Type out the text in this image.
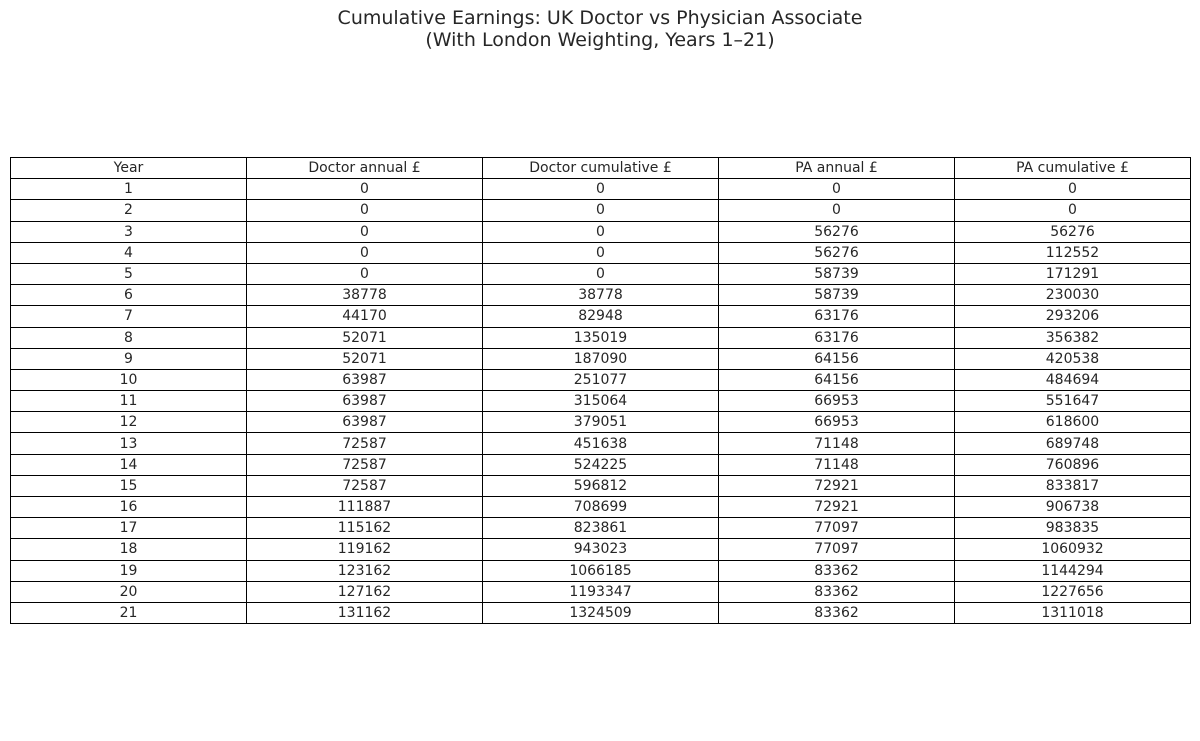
Cumulative Earnings: UK Doctor vs Physician Associate
(With London Weighting, Years 1–21)
Year	Doctor annual £	Doctor cumulative £	PA annual £	PA cumulative £
1	0	0	0	0
2	0	0	0	0
3	0	0	56276	56276
4	0	0	56276	112552
5	0	0	58739	171291
6	38778	38778	58739	230030
7	44170	82948	63176	293206
8	52071	135019	63176	356382
9	52071	187090	64156	420538
10	63987	251077	64156	484694
11	63987	315064	66953	551647
12	63987	379051	66953	618600
13	72587	451638	71148	689748
14	72587	524225	71148	760896
15	72587	596812	72921	833817
16	111887	708699	72921	906738
17	115162	823861	77097	983835
18	119162	943023	77097	1060932
19	123162	1066185	83362	1144294
20	127162	1193347	83362	1227656
21	131162	1324509	83362	1311018
